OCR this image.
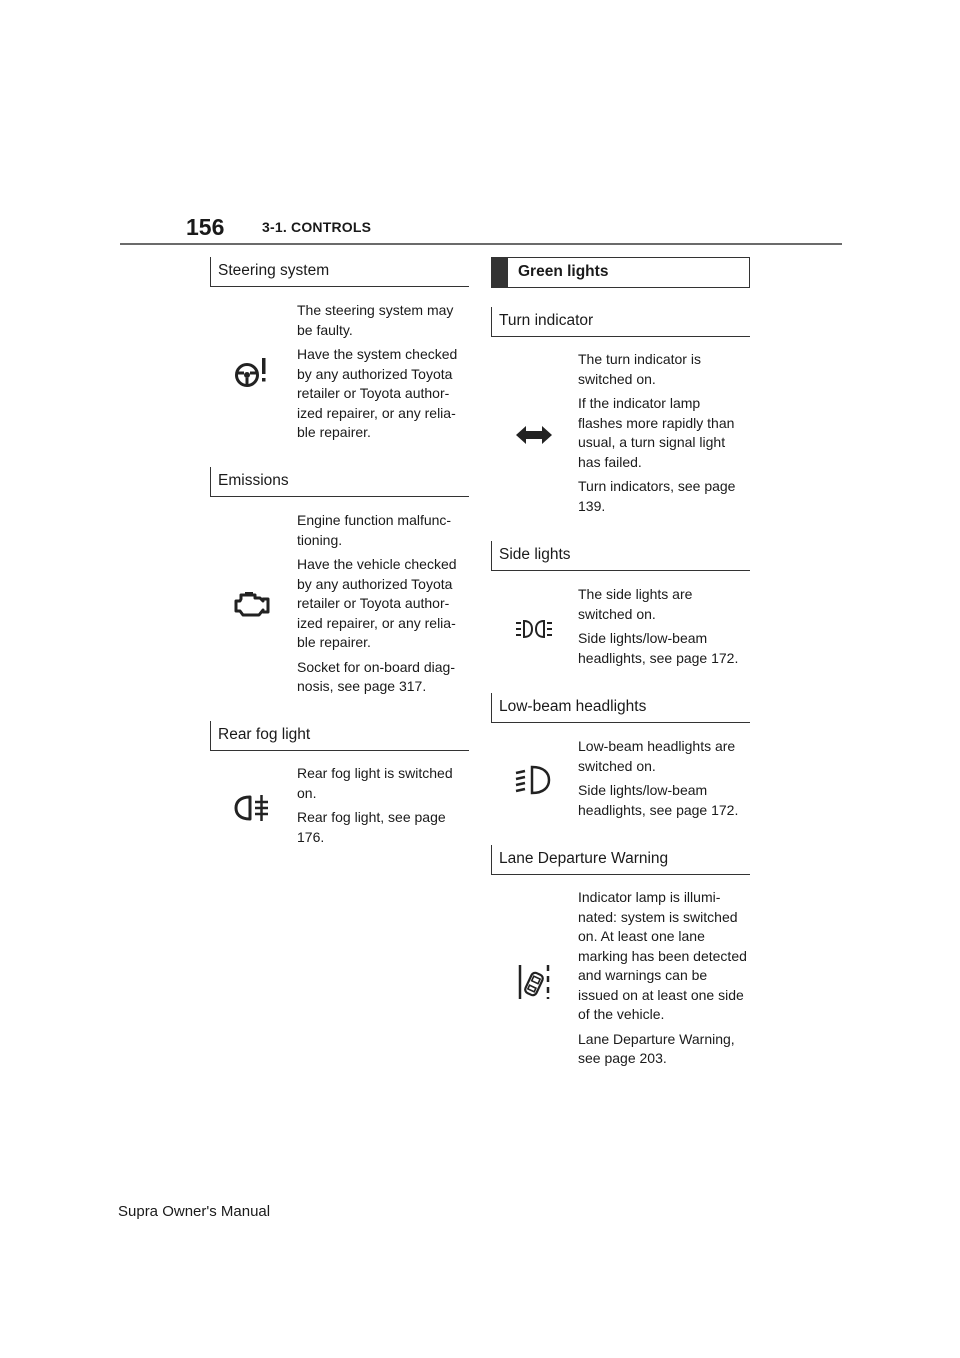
156	3-1. CONTROLS
Steering system

The steering system may be faulty.

Have the system checked by any authorized Toyota retailer or Toyota author-ized repairer, or any relia-ble repairer.

Emissions

Engine function malfunc-tioning.

Have the vehicle checked by any authorized Toyota retailer or Toyota author-ized repairer, or any relia-ble repairer.

Socket for on-board diag-nosis, see page 317.

Rear fog light

Rear fog light is switched on.

Rear fog light, see page 176.

Green lights
Turn indicator

The turn indicator is switched on.

If the indicator lamp flashes more rapidly than usual, a turn signal light has failed.

Turn indicators, see page 139.

Side lights

The side lights are switched on.

Side lights/low-beam headlights, see page 172.

Low-beam headlights

Low-beam headlights are switched on.

Side lights/low-beam headlights, see page 172.

Lane Departure Warning

Indicator lamp is illumi-nated: system is switched on. At least one lane marking has been detected and warnings can be issued on at least one side of the vehicle.

Lane Departure Warning, see page 203.

Supra Owner's Manual
